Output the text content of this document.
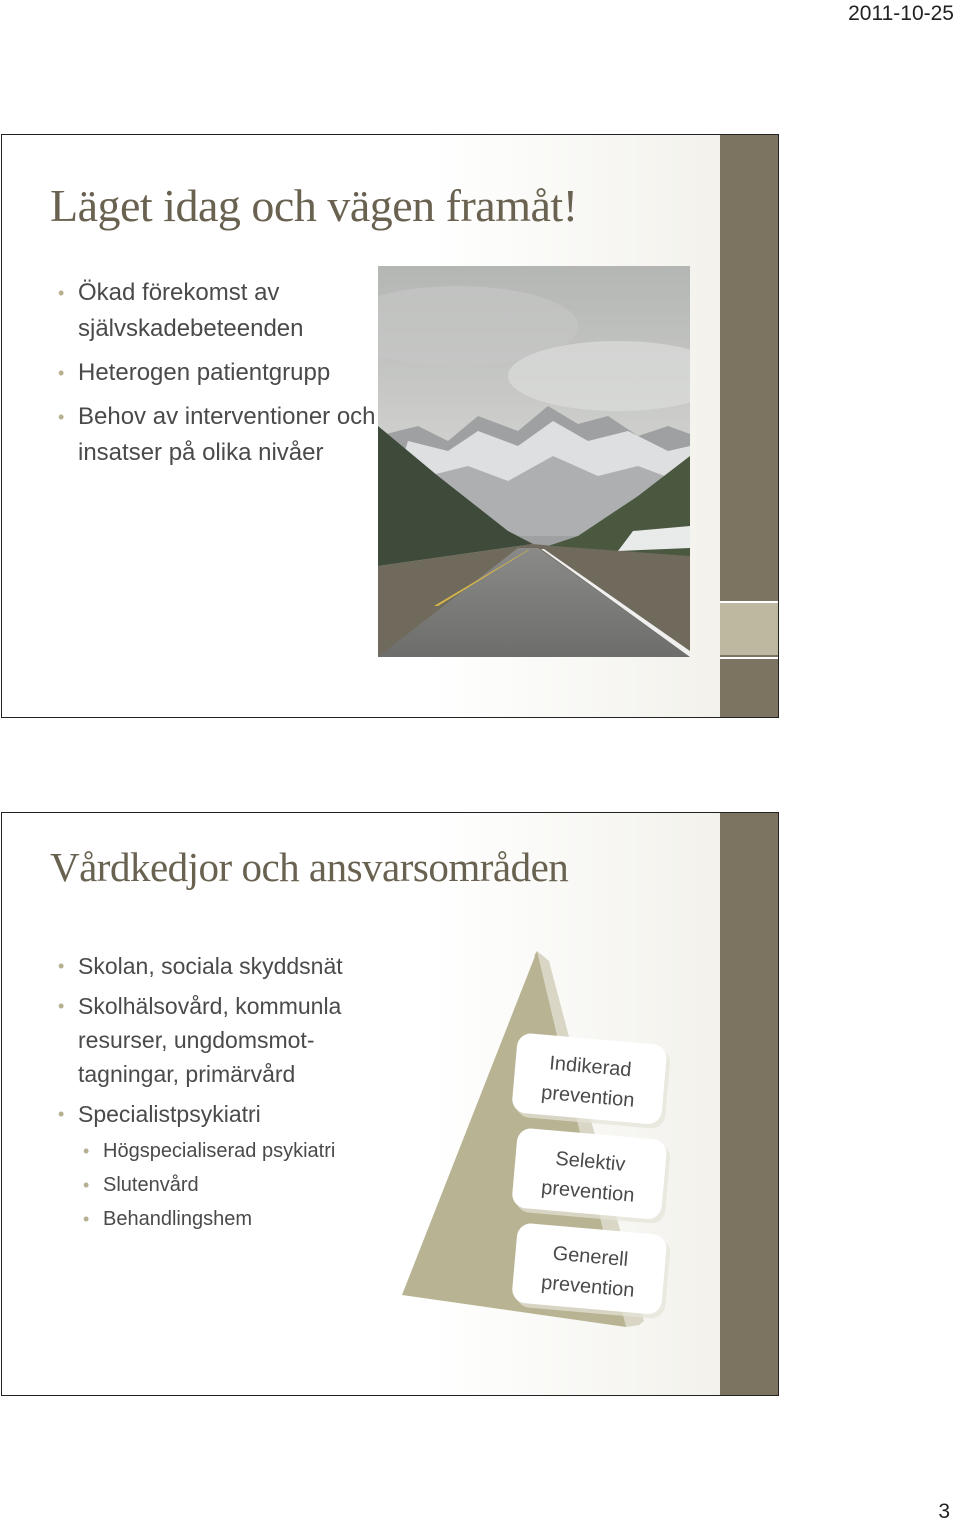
2011-10-25
Läget idag och vägen framåt!
• Ökad förekomst av självskadebeteenden
• Heterogen patientgrupp
• Behov av interventioner och insatser på olika nivåer
Vårdkedjor och ansvarsområden
• Skolan, sociala skyddsnät
• Skolhälsovård, kommunla resurser, ungdomsmot-tagningar, primärvård
• Specialistpsykiatri
• Högspecialiserad psykiatri
• Slutenvård
• Behandlingshem
Indikerad
prevention
Selektiv
prevention
Generell
prevention
3
